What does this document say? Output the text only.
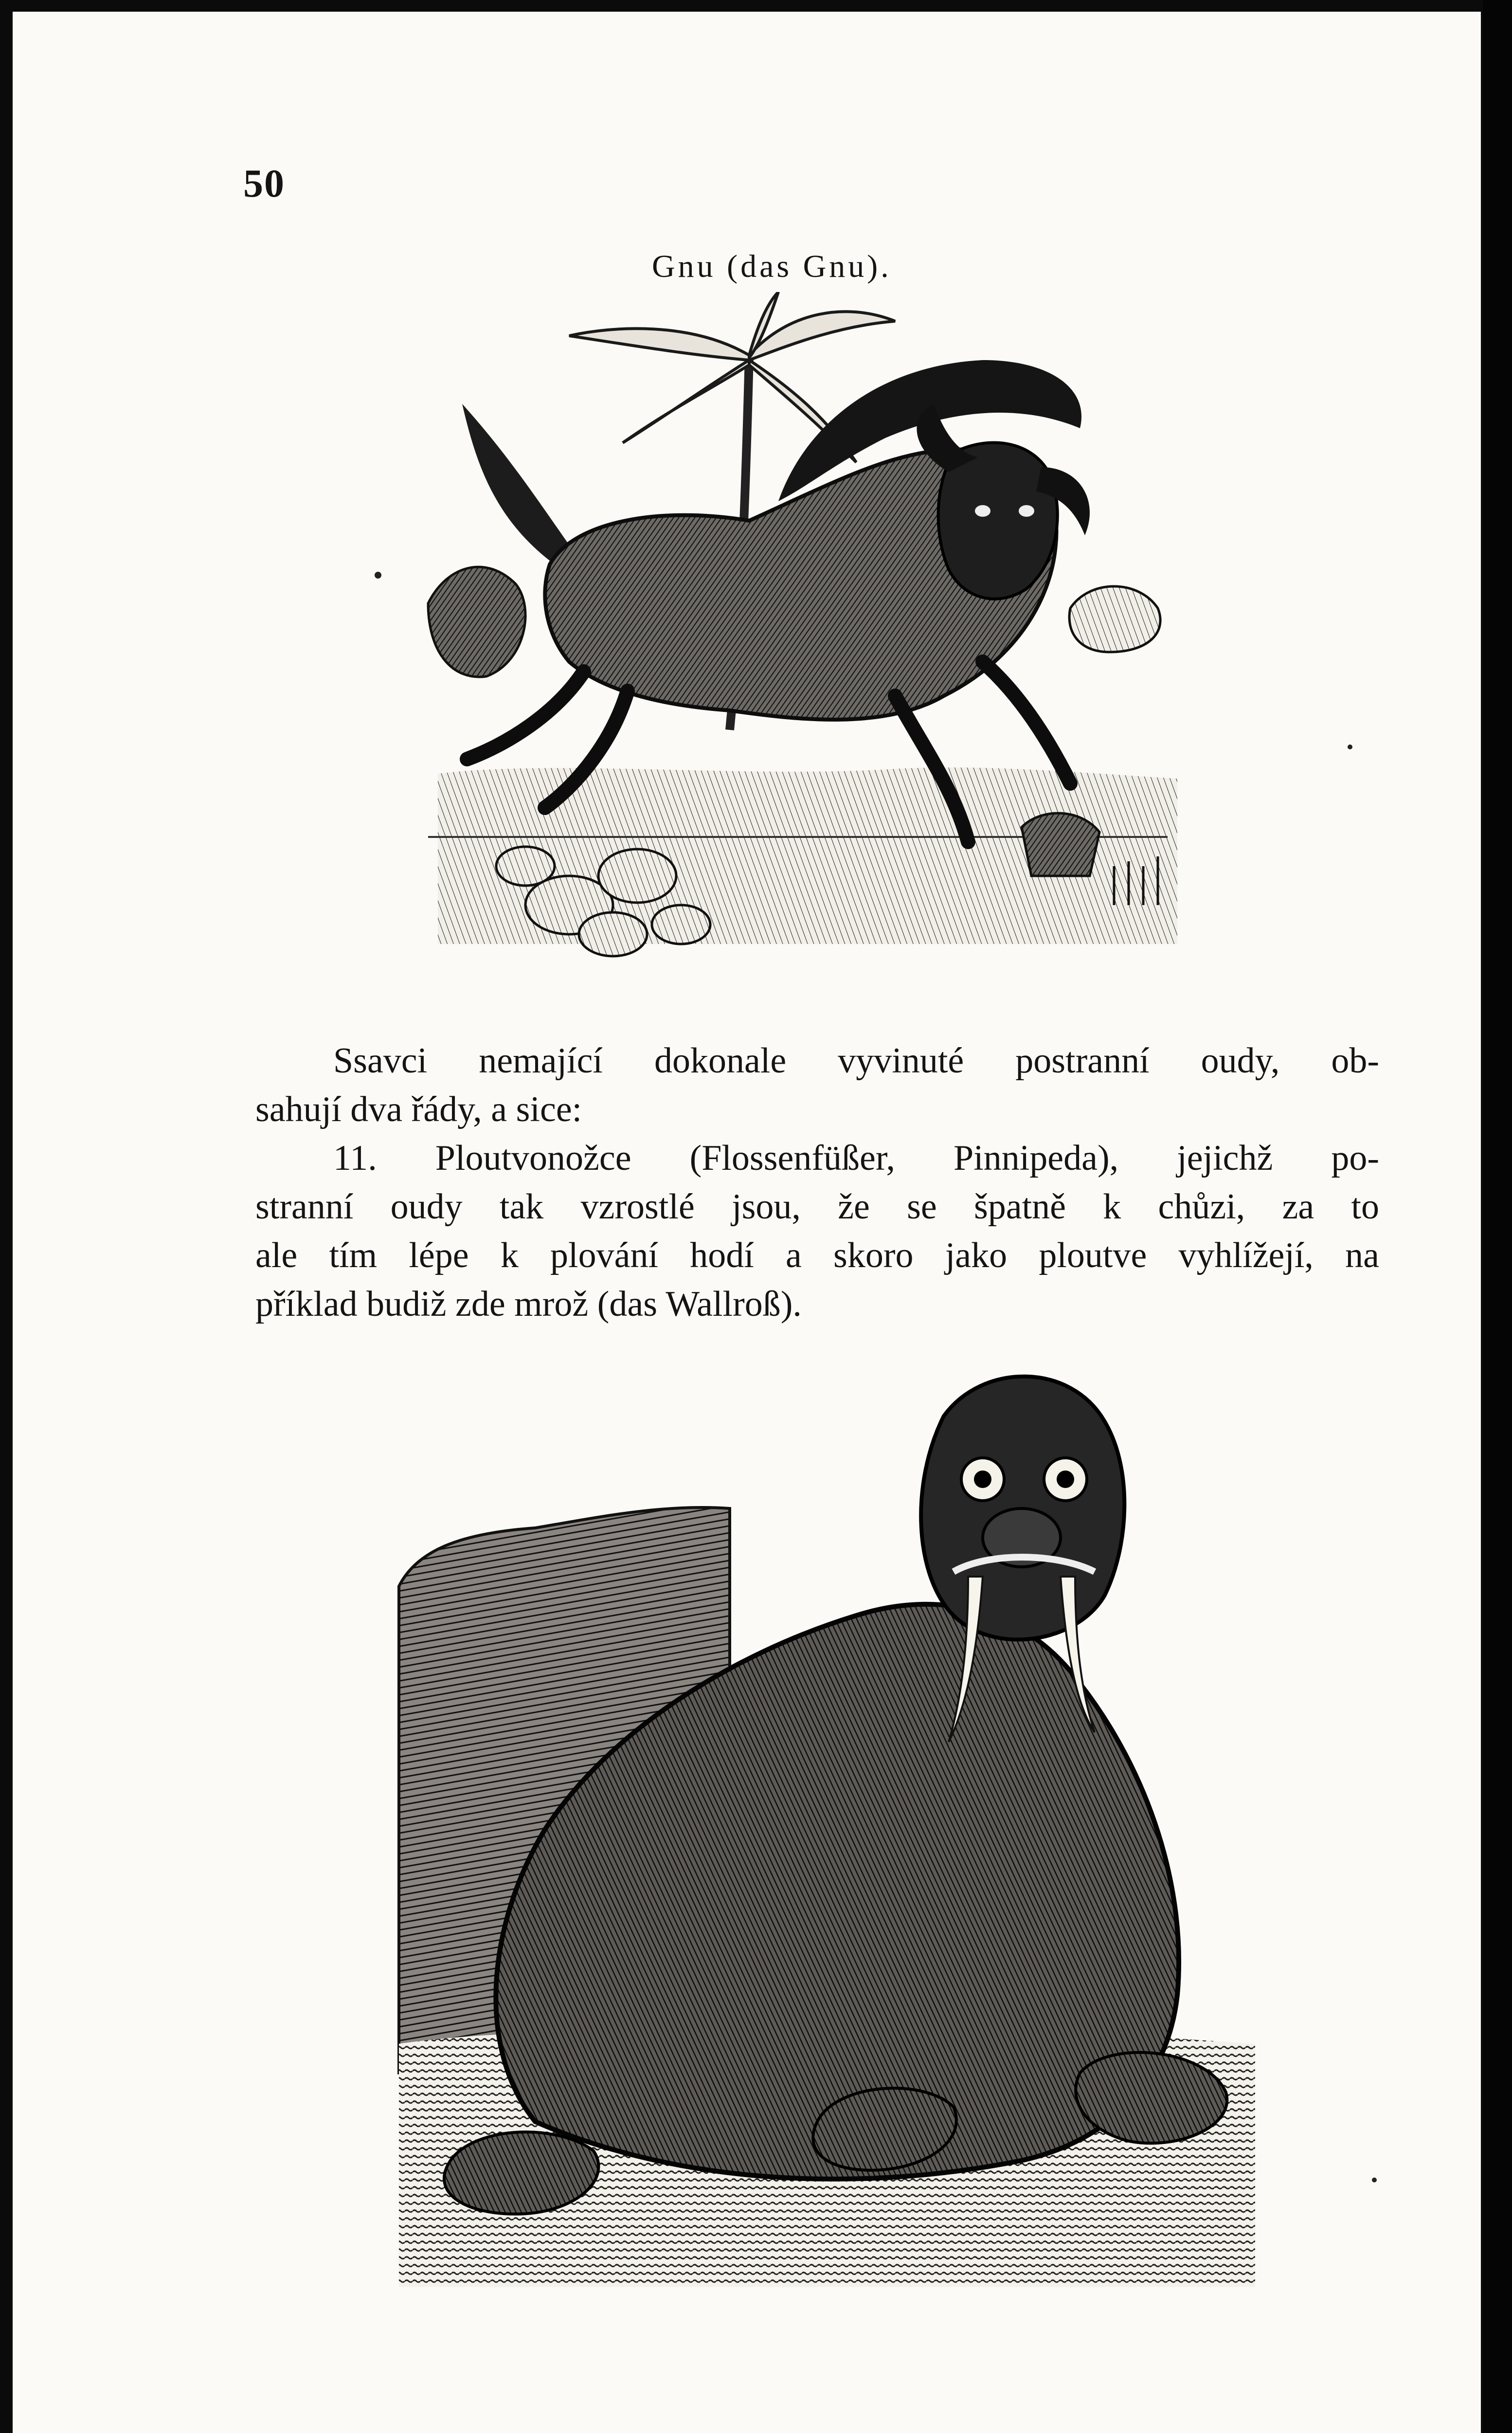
50
Gnu (das Gnu).
Ssavci nemající dokonale vyvinuté postranní oudy, ob-
sahují dva řády, a sice:
11. Ploutvonožce (Flossenfüßer, Pinnipeda), jejichž po-
stranní oudy tak vzrostlé jsou, že se špatně k chůzi, za to
ale tím lépe k plování hodí a skoro jako ploutve vyhlížejí, na
příklad budiž zde mrož (das Wallroß).
